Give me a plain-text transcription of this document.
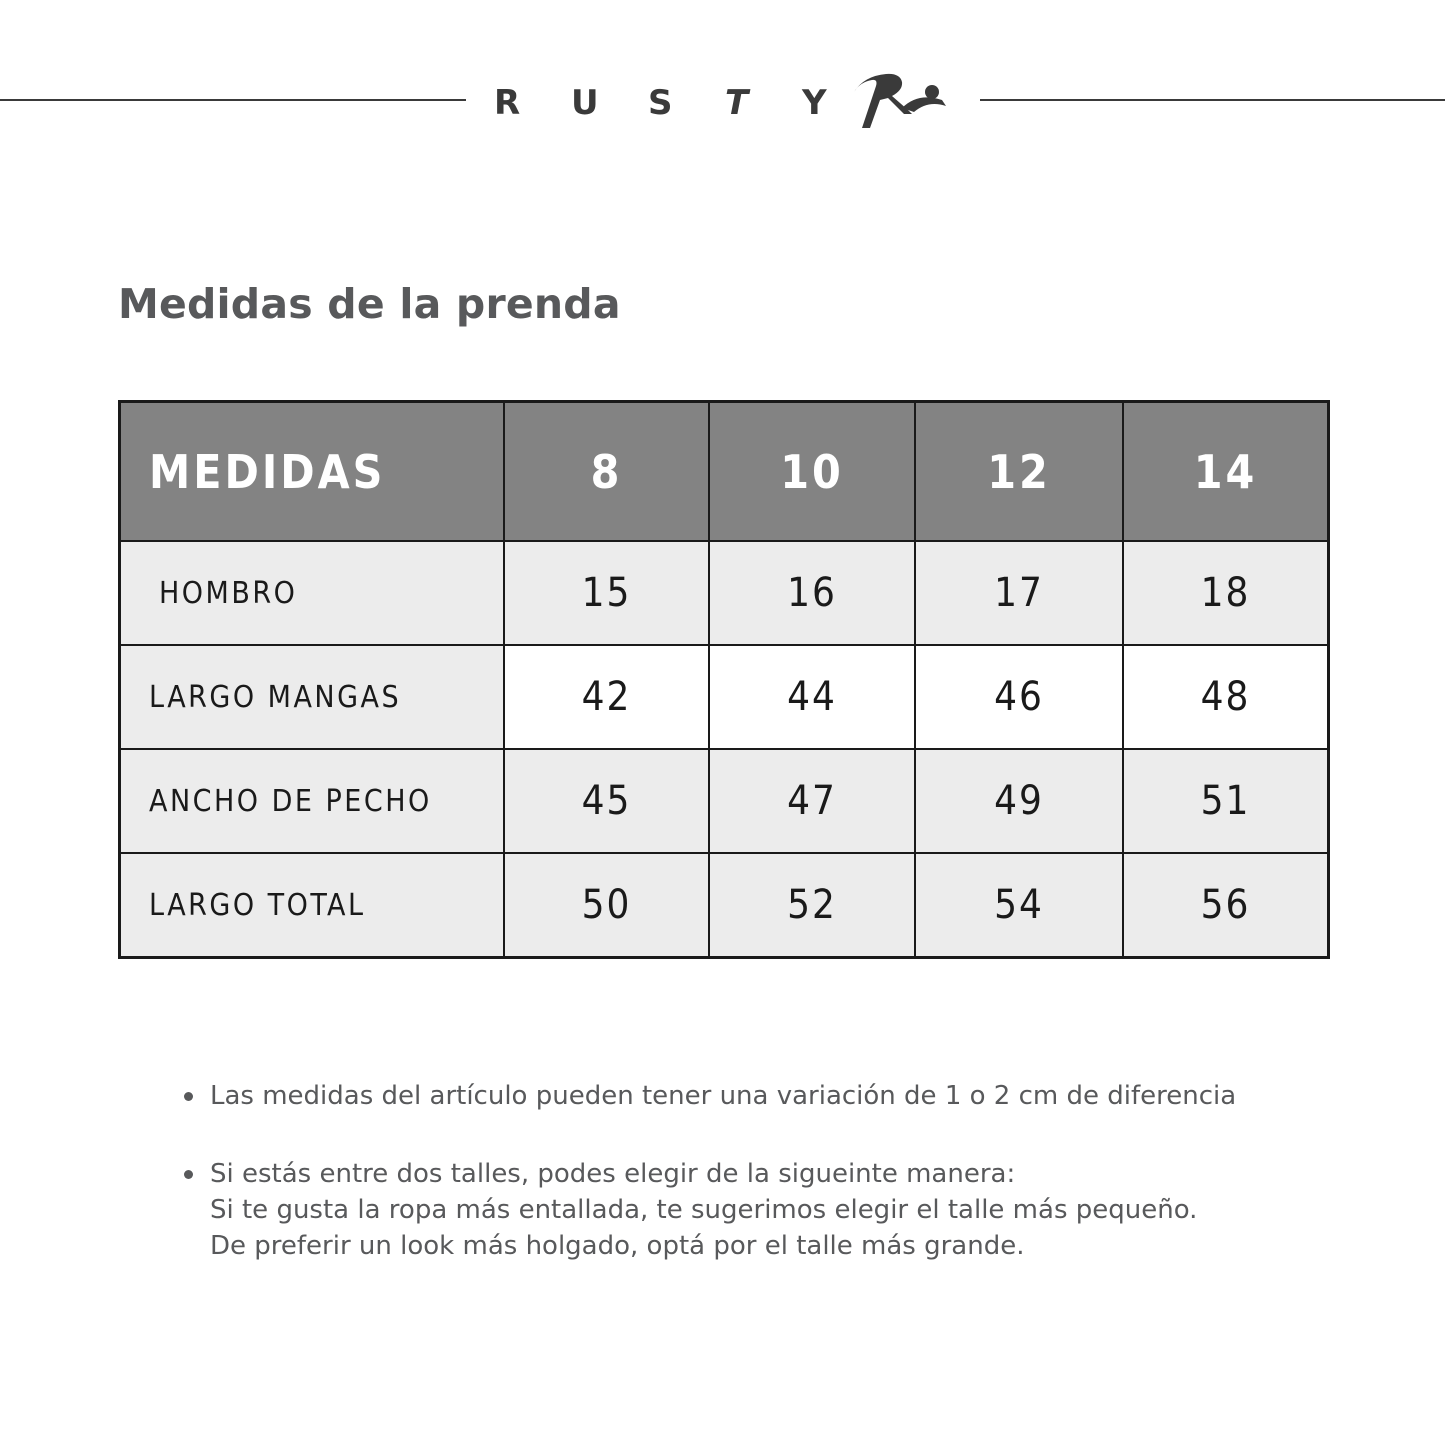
R	U	S	T	Y
Medidas de la prenda
MEDIDAS	8	10	12	14
HOMBRO	15	16	17	18
LARGO MANGAS	42	44	46	48
ANCHO DE PECHO	45	47	49	51
LARGO TOTAL	50	52	54	56
Las medidas del artículo pueden tener una variación de 1 o 2 cm de diferencia
Si estás entre dos talles, podes elegir de la sigueinte manera:
Si te gusta la ropa más entallada, te sugerimos elegir el talle más pequeño.
De preferir un look más holgado, optá por el talle más grande.
